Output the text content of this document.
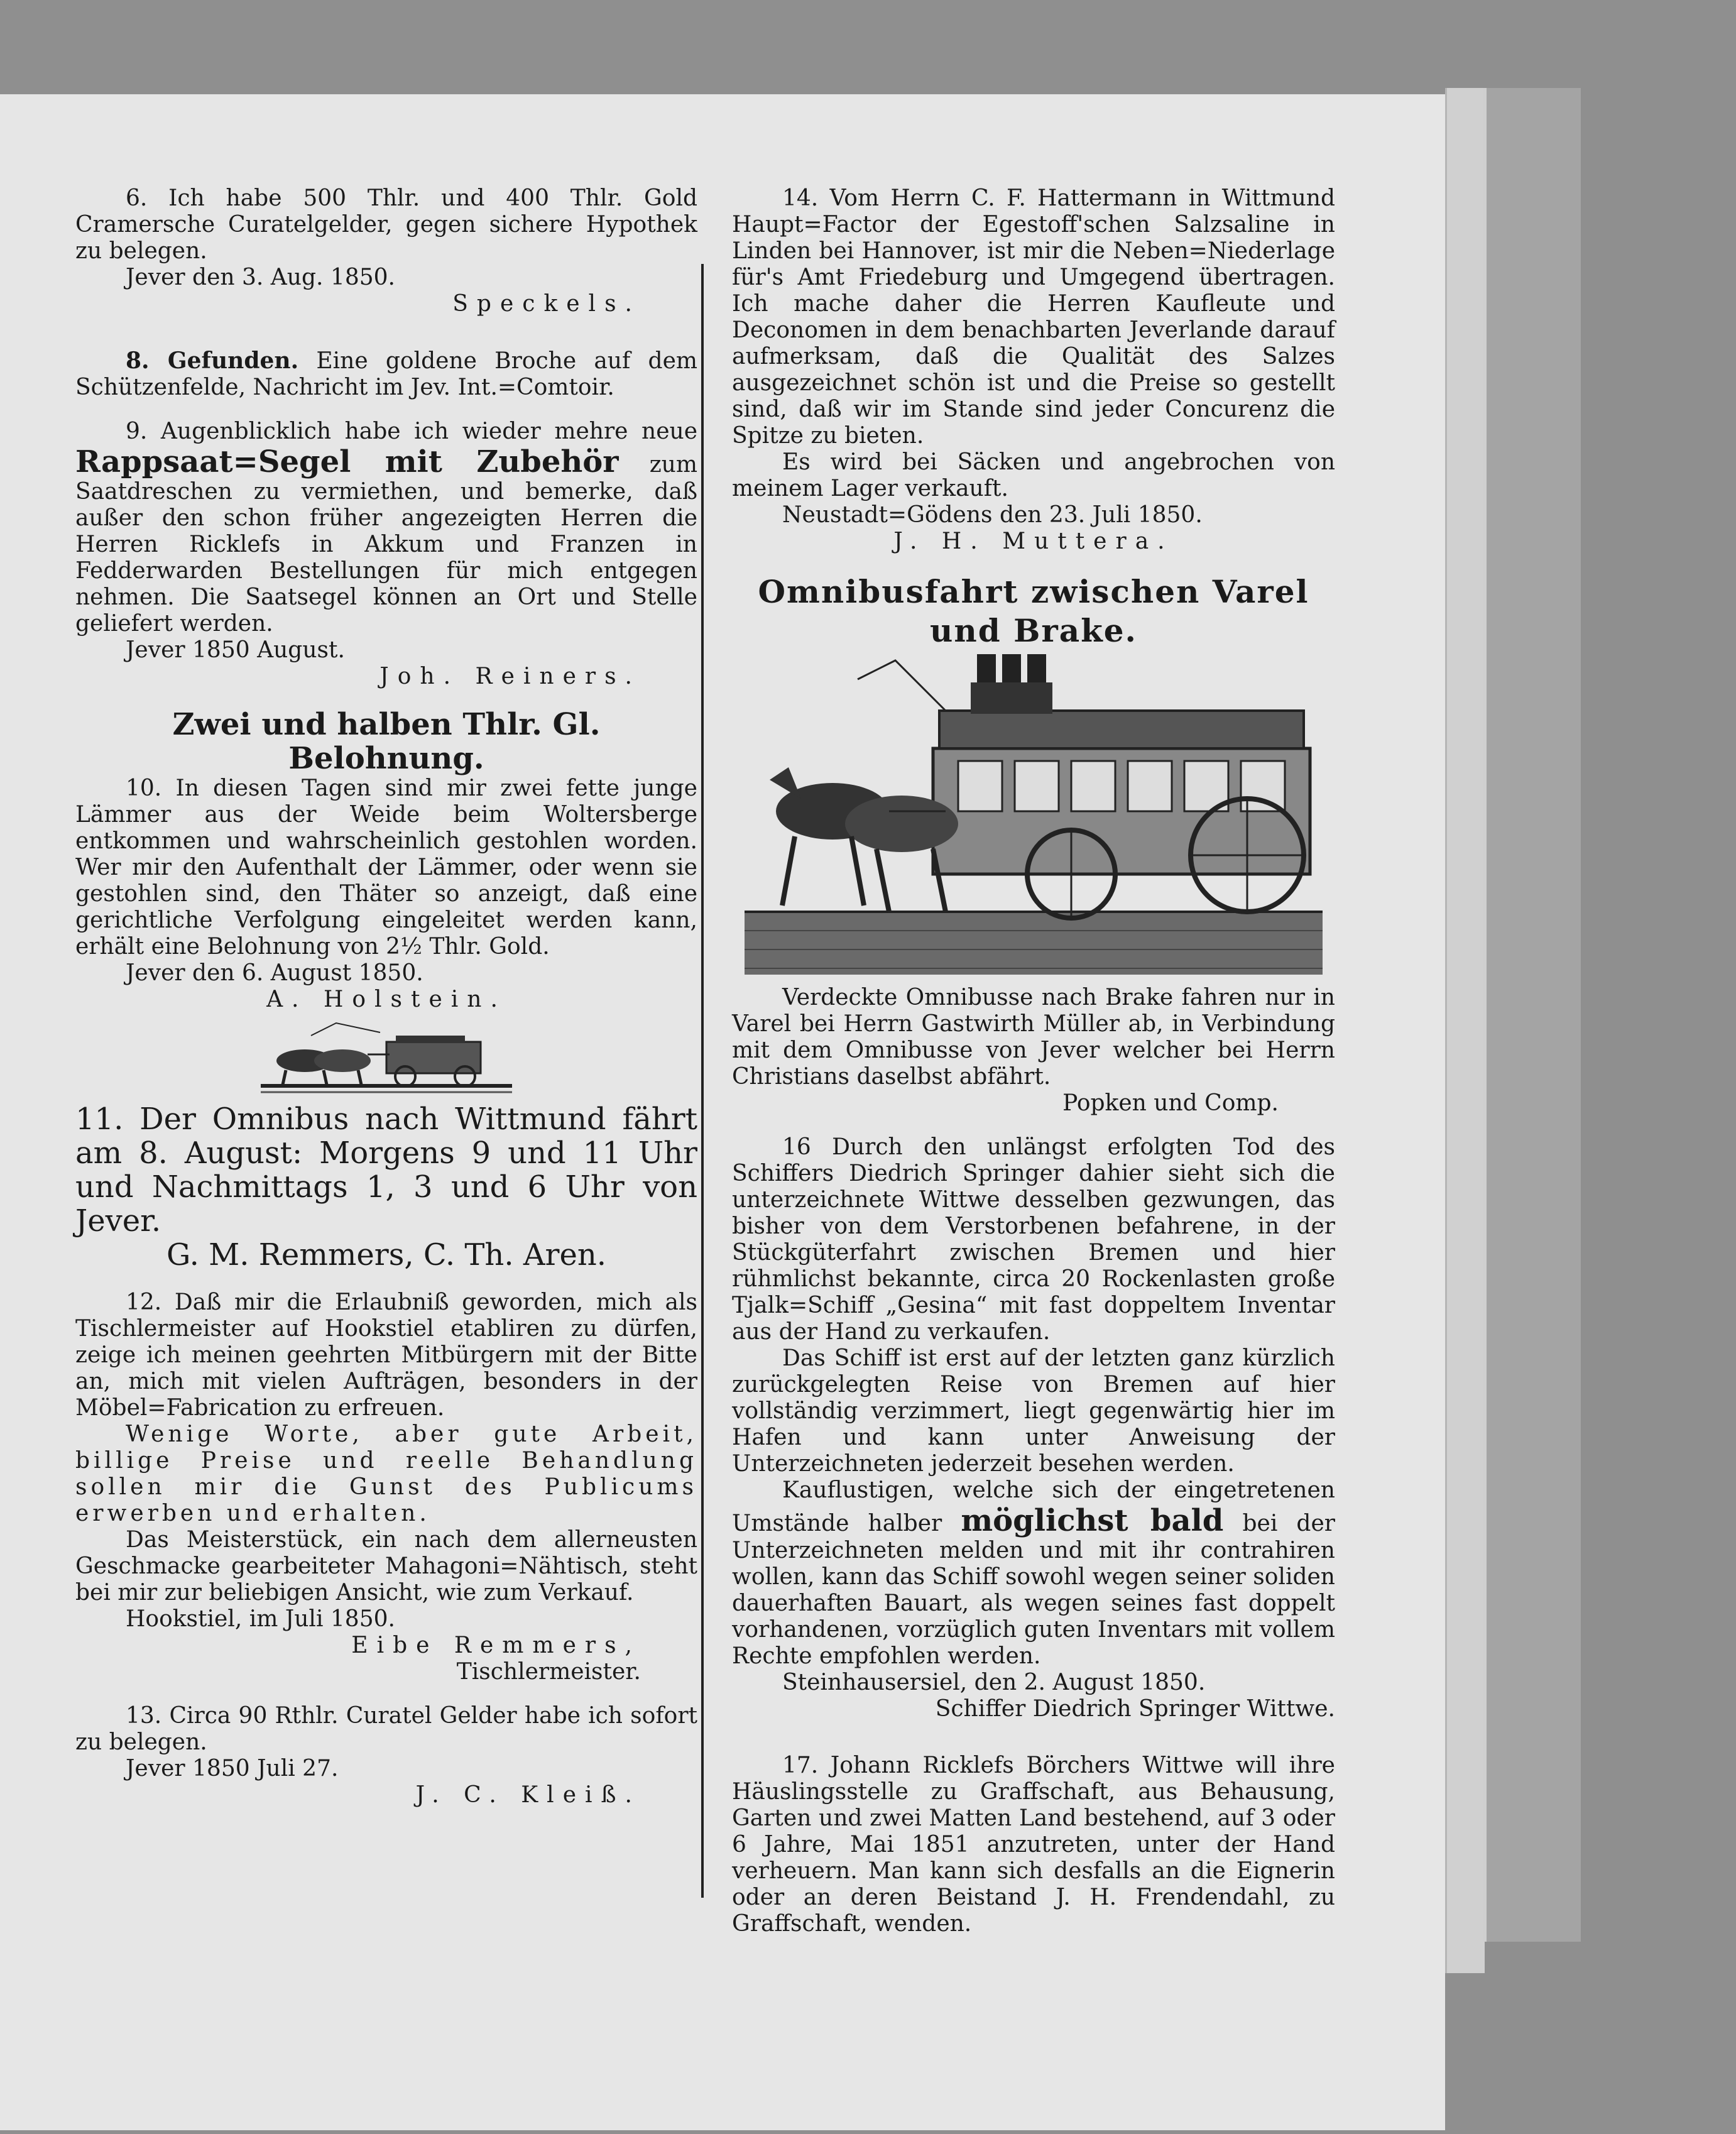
6. Ich habe 500 Thlr. und 400 Thlr. Gold Cramersche Curatelgelder, gegen sichere Hypothek zu belegen.

Jever den 3. Aug. 1850.

Speckels.

8. Gefunden. Eine goldene Broche auf dem Schützenfelde, Nachricht im Jev. Int.=Comtoir.

9. Augenblicklich habe ich wieder mehre neue Rappsaat=Segel mit Zubehör zum Saatdreschen zu vermiethen, und bemerke, daß außer den schon früher angezeigten Herren die Herren Ricklefs in Akkum und Franzen in Fedderwarden Bestellungen für mich entgegen nehmen. Die Saatsegel können an Ort und Stelle geliefert werden.

Jever 1850 August.

Joh. Reiners.

Zwei und halben Thlr. Gl. Belohnung.

10. In diesen Tagen sind mir zwei fette junge Lämmer aus der Weide beim Woltersberge entkommen und wahrscheinlich gestohlen worden. Wer mir den Aufenthalt der Lämmer, oder wenn sie gestohlen sind, den Thäter so anzeigt, daß eine gerichtliche Verfolgung eingeleitet werden kann, erhält eine Belohnung von 2½ Thlr. Gold.

Jever den 6. August 1850.

A. Holstein.

11. Der Omnibus nach Wittmund fährt am 8. August: Morgens 9 und 11 Uhr und Nachmittags 1, 3 und 6 Uhr von Jever.

G. M. Remmers, C. Th. Aren.

12. Daß mir die Erlaubniß geworden, mich als Tischlermeister auf Hookstiel etabliren zu dürfen, zeige ich meinen geehrten Mitbürgern mit der Bitte an, mich mit vielen Aufträgen, besonders in der Möbel=Fabrication zu erfreuen.

Wenige Worte, aber gute Arbeit, billige Preise und reelle Behandlung sollen mir die Gunst des Publicums erwerben und erhalten.

Das Meisterstück, ein nach dem allerneusten Geschmacke gearbeiteter Mahagoni=Nähtisch, steht bei mir zur beliebigen Ansicht, wie zum Verkauf.

Hookstiel, im Juli 1850.

Eibe Remmers,

Tischlermeister.

13. Circa 90 Rthlr. Curatel Gelder habe ich sofort zu belegen.

Jever 1850 Juli 27.

J. C. Kleiß.

14. Vom Herrn C. F. Hattermann in Wittmund Haupt=Factor der Egestoff'schen Salzsaline in Linden bei Hannover, ist mir die Neben=Niederlage für's Amt Friedeburg und Umgegend übertragen. Ich mache daher die Herren Kaufleute und Deconomen in dem benachbarten Jeverlande darauf aufmerksam, daß die Qualität des Salzes ausgezeichnet schön ist und die Preise so gestellt sind, daß wir im Stande sind jeder Concurenz die Spitze zu bieten.

Es wird bei Säcken und angebrochen von meinem Lager verkauft.

Neustadt=Gödens den 23. Juli 1850.

J. H. Muttera.

Omnibusfahrt zwischen Varel

und Brake.

Verdeckte Omnibusse nach Brake fahren nur in Varel bei Herrn Gastwirth Müller ab, in Verbindung mit dem Omnibusse von Jever welcher bei Herrn Christians daselbst abfährt.

Popken und Comp.

16 Durch den unlängst erfolgten Tod des Schiffers Diedrich Springer dahier sieht sich die unterzeichnete Wittwe desselben gezwungen, das bisher von dem Verstorbenen befahrene, in der Stückgüterfahrt zwischen Bremen und hier rühmlichst bekannte, circa 20 Rockenlasten große Tjalk=Schiff „Gesina“ mit fast doppeltem Inventar aus der Hand zu verkaufen.

Das Schiff ist erst auf der letzten ganz kürzlich zurückgelegten Reise von Bremen auf hier vollständig verzimmert, liegt gegenwärtig hier im Hafen und kann unter Anweisung der Unterzeichneten jederzeit besehen werden.

Kauflustigen, welche sich der eingetretenen Umstände halber möglichst bald bei der Unterzeichneten melden und mit ihr contrahiren wollen, kann das Schiff sowohl wegen seiner soliden dauerhaften Bauart, als wegen seines fast doppelt vorhandenen, vorzüglich guten Inventars mit vollem Rechte empfohlen werden.

Steinhausersiel, den 2. August 1850.

Schiffer Diedrich Springer Wittwe.

17. Johann Ricklefs Börchers Wittwe will ihre Häuslingsstelle zu Graffschaft, aus Behausung, Garten und zwei Matten Land bestehend, auf 3 oder 6 Jahre, Mai 1851 anzutreten, unter der Hand verheuern. Man kann sich desfalls an die Eignerin oder an deren Beistand J. H. Frendendahl, zu Graffschaft, wenden.
